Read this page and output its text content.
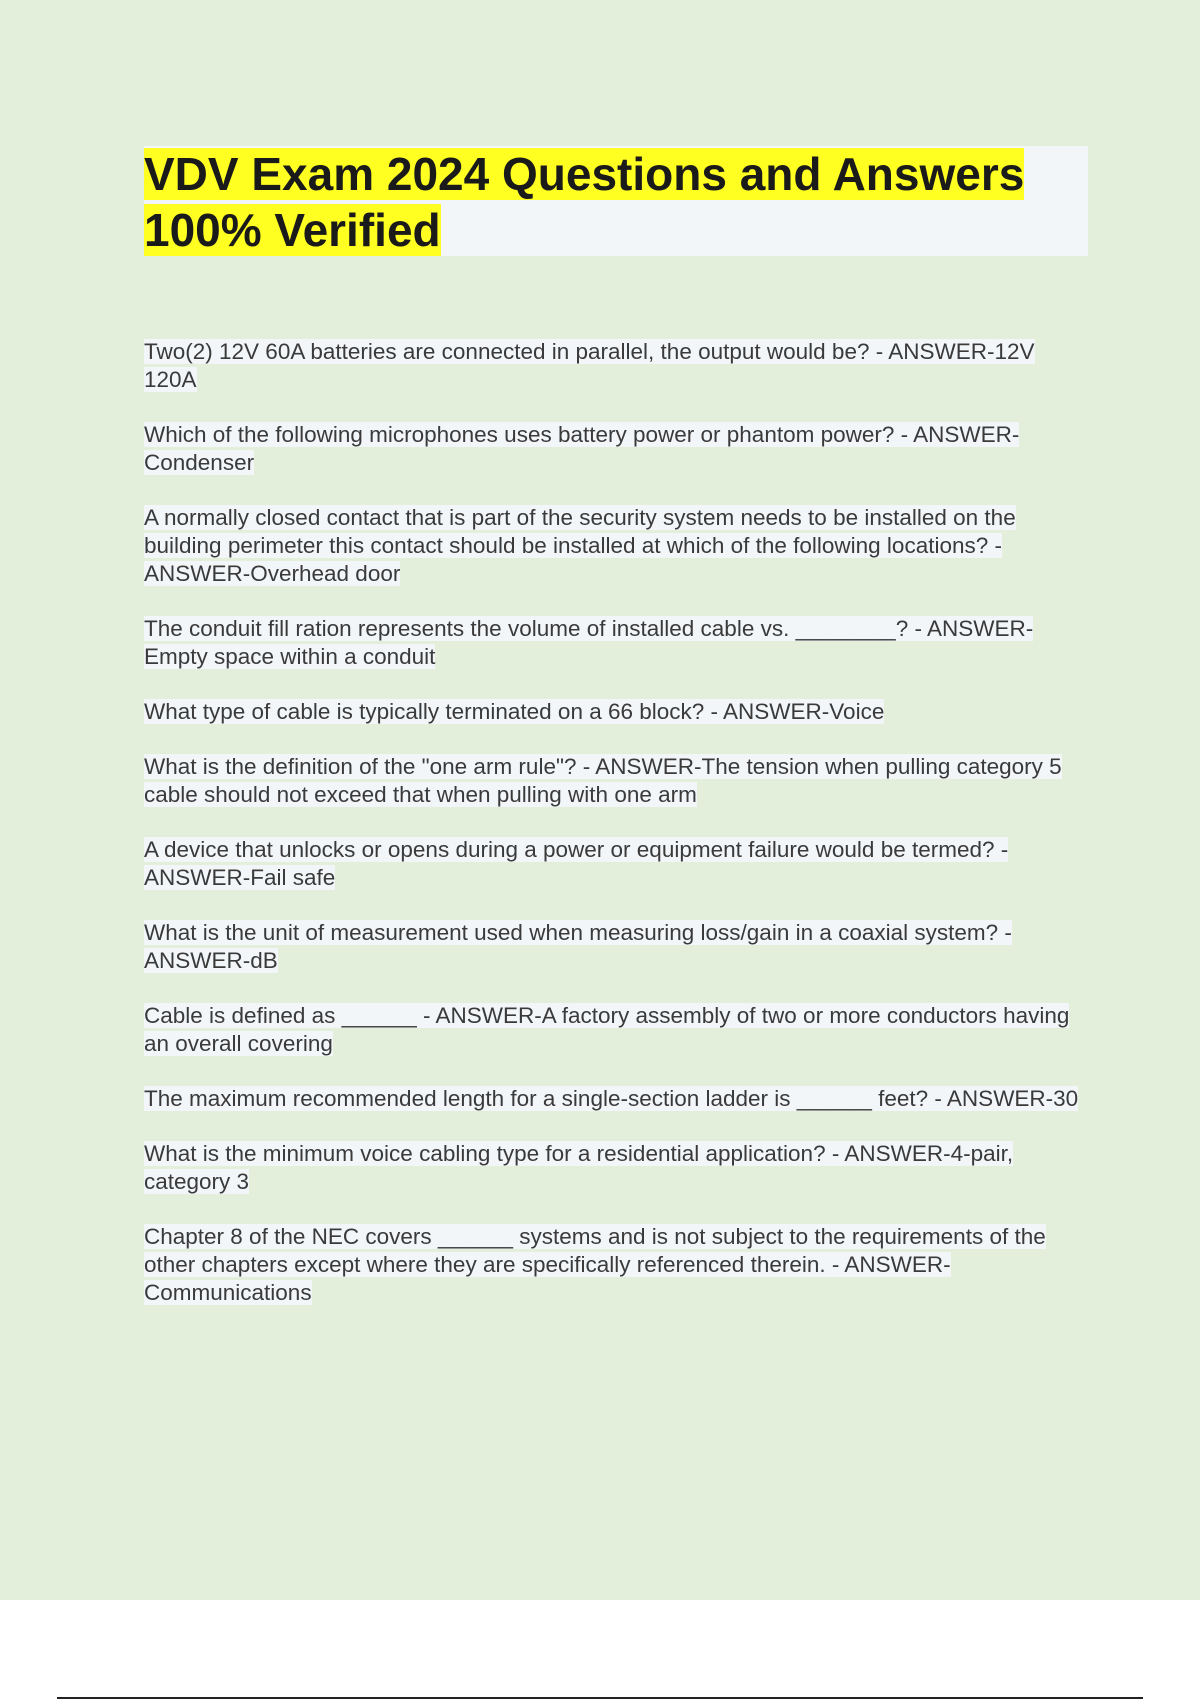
VDV Exam 2024 Questions and Answers 100% Verified
Two(2) 12V 60A batteries are connected in parallel, the output would be? - ANSWER-12V 120A
Which of the following microphones uses battery power or phantom power? - ANSWER-Condenser
A normally closed contact that is part of the security system needs to be installed on the building perimeter this contact should be installed at which of the following locations? - ANSWER-Overhead door
The conduit fill ration represents the volume of installed cable vs. ________? - ANSWER-Empty space within a conduit
What type of cable is typically terminated on a 66 block? - ANSWER-Voice
What is the definition of the "one arm rule"? - ANSWER-The tension when pulling category 5 cable should not exceed that when pulling with one arm
A device that unlocks or opens during a power or equipment failure would be termed? - ANSWER-Fail safe
What is the unit of measurement used when measuring loss/gain in a coaxial system? - ANSWER-dB
Cable is defined as ______ - ANSWER-A factory assembly of two or more conductors having an overall covering
The maximum recommended length for a single-section ladder is ______ feet? - ANSWER-30
What is the minimum voice cabling type for a residential application? - ANSWER-4-pair, category 3
Chapter 8 of the NEC covers ______ systems and is not subject to the requirements of the other chapters except where they are specifically referenced therein. - ANSWER-Communications
